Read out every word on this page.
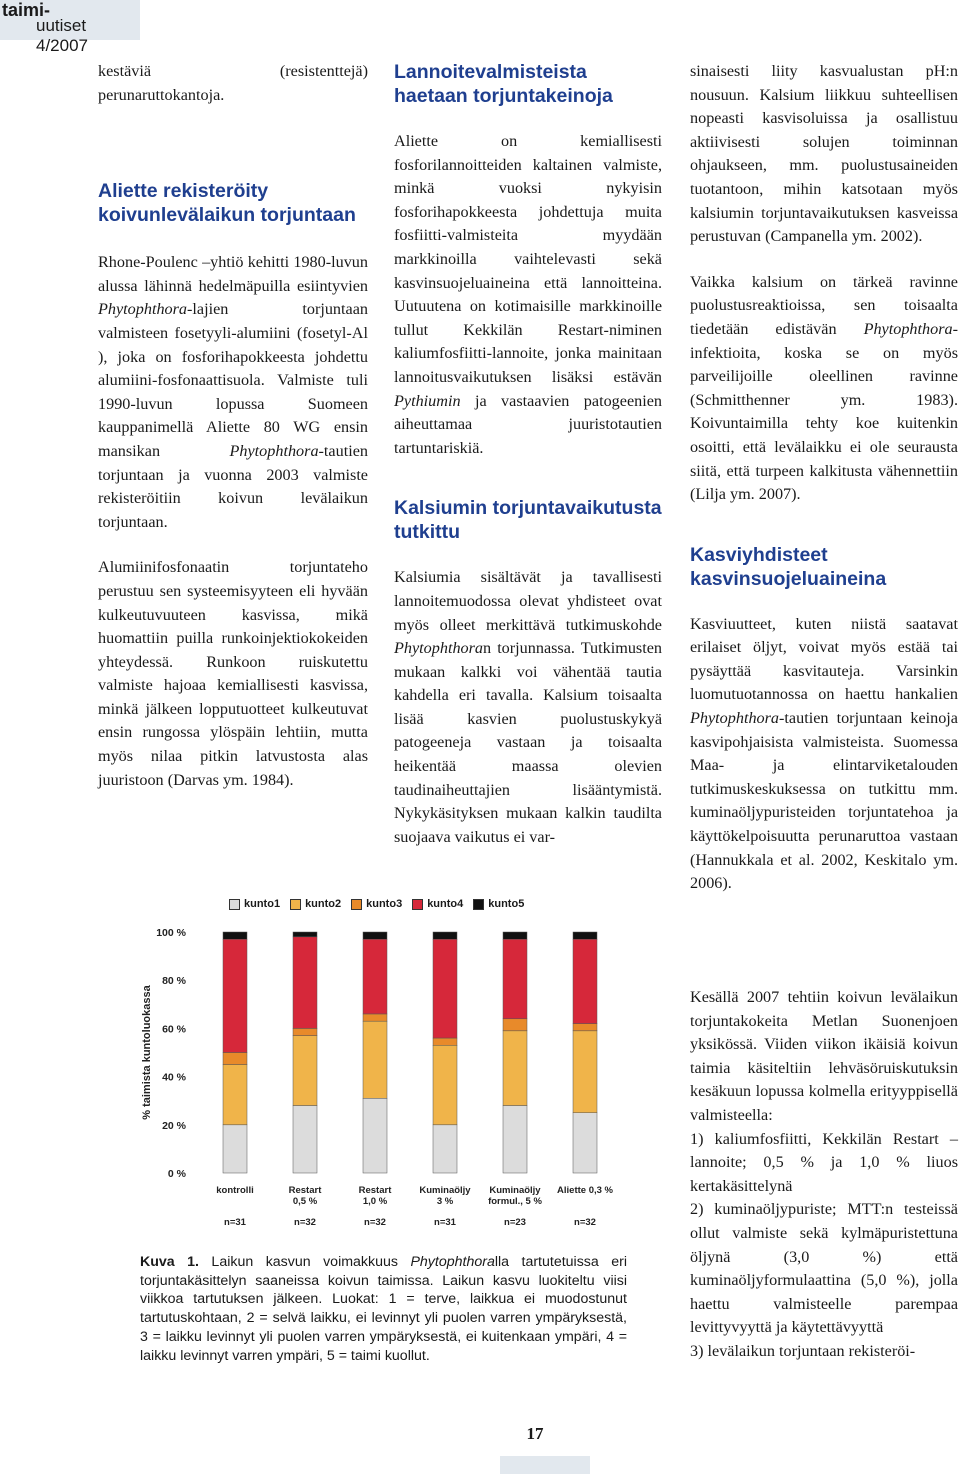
taimi-
uutiset 4/2007

kestäviä (resistenttejä) perunaruttokantoja.

Aliette rekisteröity koivunlevälaikun torjuntaan

Rhone-Poulenc –yhtiö kehitti 1980-luvun alussa lähinnä hedelmäpuilla esiintyvien Phytophthora-lajien torjuntaan valmisteen fosetyyli-alumiini (fosetyl-Al ), joka on fosforihapokkeesta johdettu alumiini-fosfonaattisuola. Valmiste tuli 1990-luvun lopussa Suomeen kauppanimellä Aliette 80 WG ensin mansikan Phytophthora-tautien torjuntaan ja vuonna 2003 valmiste rekisteröitiin koivun levälaikun torjuntaan.

Alumiinifosfonaatin torjuntateho perustuu sen systeemisyyteen eli hyvään kulkeutuvuuteen kasvissa, mikä huomattiin puilla runkoinjektiokokeiden yhteydessä. Runkoon ruiskutettu valmiste hajoaa kemiallisesti kasvissa, minkä jälkeen lopputuotteet kulkeutuvat ensin rungossa ylöspäin lehtiin, mutta myös nilaa pitkin latvustosta alas juuristoon (Darvas ym. 1984).

Lannoitevalmisteista haetaan torjuntakeinoja

Aliette on kemiallisesti fosforilannoitteiden kaltainen valmiste, minkä vuoksi nykyisin fosforihapokkeesta johdettuja muita fosfiitti-valmisteita myydään markkinoilla vaihtelevasti sekä kasvinsuojeluaineina että lannoitteina. Uutuutena on kotimaisille markkinoille tullut Kekkilän Restart-niminen kaliumfosfiitti-lannoite, jonka mainitaan lannoitusvaikutuksen lisäksi estävän Pythiumin ja vastaavien patogeenien aiheuttamaa juuristotautien tartuntariskiä.

Kalsiumin torjuntavaikutusta tutkittu

Kalsiumia sisältävät ja tavallisesti lannoitemuodossa olevat yhdisteet ovat myös olleet merkittävä tutkimuskohde Phytophthoran torjunnassa. Tutkimusten mukaan kalkki voi vähentää tautia kahdella eri tavalla. Kalsium toisaalta lisää kasvien puolustuskykyä patogeeneja vastaan ja toisaalta heikentää maassa olevien taudinaiheuttajien lisääntymistä. Nykykäsityksen mukaan kalkin taudilta suojaava vaikutus ei var-

sinaisesti liity kasvualustan pH:n nousuun. Kalsium liikkuu suhteellisen nopeasti kasvisoluissa ja osallistuu aktiivisesti solujen toiminnan ohjaukseen, mm. puolustusaineiden tuotantoon, mihin katsotaan myös kalsiumin torjuntavaikutuksen kasveissa perustuvan (Campanella ym. 2002).

Vaikka kalsium on tärkeä ravinne puolustusreaktioissa, sen toisaalta tiedetään edistävän Phytophthora-infektioita, koska se on myös parveilijoille oleellinen ravinne (Schmitthenner ym. 1983). Koivuntaimilla tehty koe kuitenkin osoitti, että levälaikku ei ole seurausta siitä, että turpeen kalkitusta vähennettiin (Lilja ym. 2007).

Kasviyhdisteet kasvinsuojeluaineina

Kasviuutteet, kuten niistä saatavat erilaiset öljyt, voivat myös estää tai pysäyttää kasvitauteja. Varsinkin luomutuotannossa on haettu hankalien Phytophthora-tautien torjuntaan keinoja kasvipohjaisista valmisteista. Suomessa Maa- ja elintarviketalouden tutkimuskeskuksessa on tutkittu mm. kuminaöljypuristeiden torjuntatehoa ja käyttökelpoisuutta perunaruttoa vastaan (Hannukkala et al. 2002, Keskitalo ym. 2006).

Kesällä 2007 tehtiin koivun levälaikun torjuntakokeita Metlan Suonenjoen yksikössä. Viiden viikon ikäisiä koivun taimia käsiteltiin lehväsöruiskutuksin kesäkuun lopussa kolmella erityyppisellä valmisteella:

1) kaliumfosfiitti, Kekkilän Restart –lannoite; 0,5 % ja 1,0 % liuos kertakäsittelynä

2) kuminaöljypuriste; MTT:n testeissä ollut valmiste sekä kylmäpuristettuna öljynä (3,0 %) että kuminaöljyformulaattina (5,0 %), jolla haettu valmisteelle parempaa levittyvyyttä ja käytettävyyttä

3) levälaikun torjuntaan rekisteröi-

kunto1 kunto2 kunto3 kunto4 kunto5
% taimista kuntoluokassa
0 %
20 %
40 %
60 %
80 %
100 %
kontrolli
n=31
Restart
0,5 %
n=32
Restart
1,0 %
n=32
Kuminaöljy
3 %
n=31
Kuminaöljy
formul., 5 %
n=23
Aliette 0,3 %
n=32
Kuva 1. Laikun kasvun voimakkuus Phytophthoralla tartutetuissa eri torjuntakäsittelyn saaneissa koivun taimissa. Laikun kasvu luokiteltu viisi viikkoa tartutuksen jälkeen. Luokat: 1 = terve, laikkua ei muodostunut tartutuskohtaan, 2 = selvä laikku, ei levinnyt yli puolen varren ympäryksestä, 3 = laikku levinnyt yli puolen varren ympäryksestä, ei kuitenkaan ympäri, 4 = laikku levinnyt varren ympäri, 5 = taimi kuollut.
17
